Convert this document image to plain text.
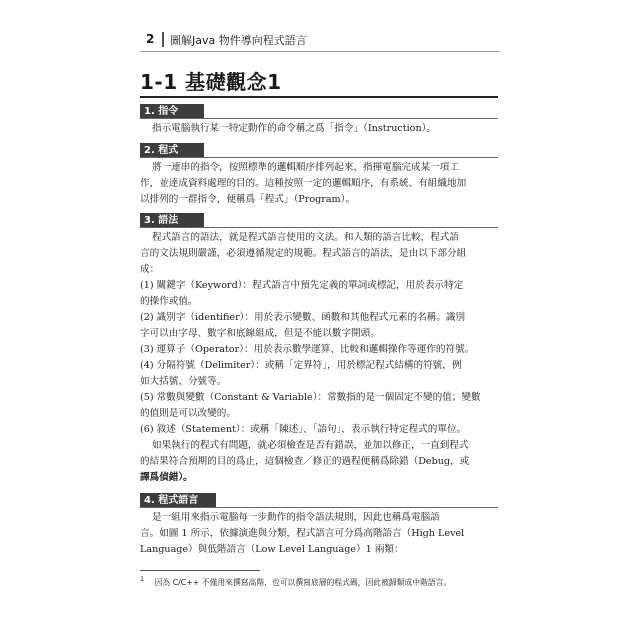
2 圖解Java 物件導向程式語言
1-1 基礎觀念1
1. 指令
指示電腦執行某一特定動作的命令稱之爲「指令」（Instruction）。
2. 程式
將一連串的指令，按照標準的邏輯順序排列起來，指揮電腦完成某一項工
作，並達成資料處理的目的。這種按照一定的邏輯順序，有系統、有組織地加
以排列的一群指令，便稱爲「程式」（Program）。
3. 語法
程式語言的語法，就是程式語言使用的文法。和人類的語言比較，程式語
言的文法規則嚴謹，必須遵循規定的規範。程式語言的語法，是由以下部分組
成：
(1) 關鍵字（Keyword）：程式語言中預先定義的單詞或標記，用於表示特定
的操作或值。
(2) 識別字（identifier）：用於表示變數、函數和其他程式元素的名稱。識別
字可以由字母、數字和底線組成，但是不能以數字開頭。
(3) 運算子（Operator）：用於表示數學運算、比較和邏輯操作等運作的符號。
(4) 分隔符號（Delimiter）：或稱「定界符」，用於標記程式結構的符號，例
如大括號、分號等。
(5) 常數與變數（Constant & Variable）：常數指的是一個固定不變的值；變數
的值則是可以改變的。
(6) 敘述（Statement）：或稱「陳述」、「語句」，表示執行特定程式的單位。
如果執行的程式有問題，就必須檢查是否有錯誤，並加以修正，一直到程式
的結果符合預期的目的爲止，這個檢查／修正的過程便稱爲除錯（Debug，或
譯爲偵錯）。
4. 程式語言
是一組用來指示電腦每一步動作的指令語法規則，因此也稱爲電腦語
言。如圖 1 所示，依據演進與分類，程式語言可分爲高階語言（High Level
Language）與低階語言（Low Level Language）1 兩類：
$^1$ 因為 C/C++ 不僅用來撰寫高階，也可以撰寫底層的程式碼，因此被歸類成中階語言。
